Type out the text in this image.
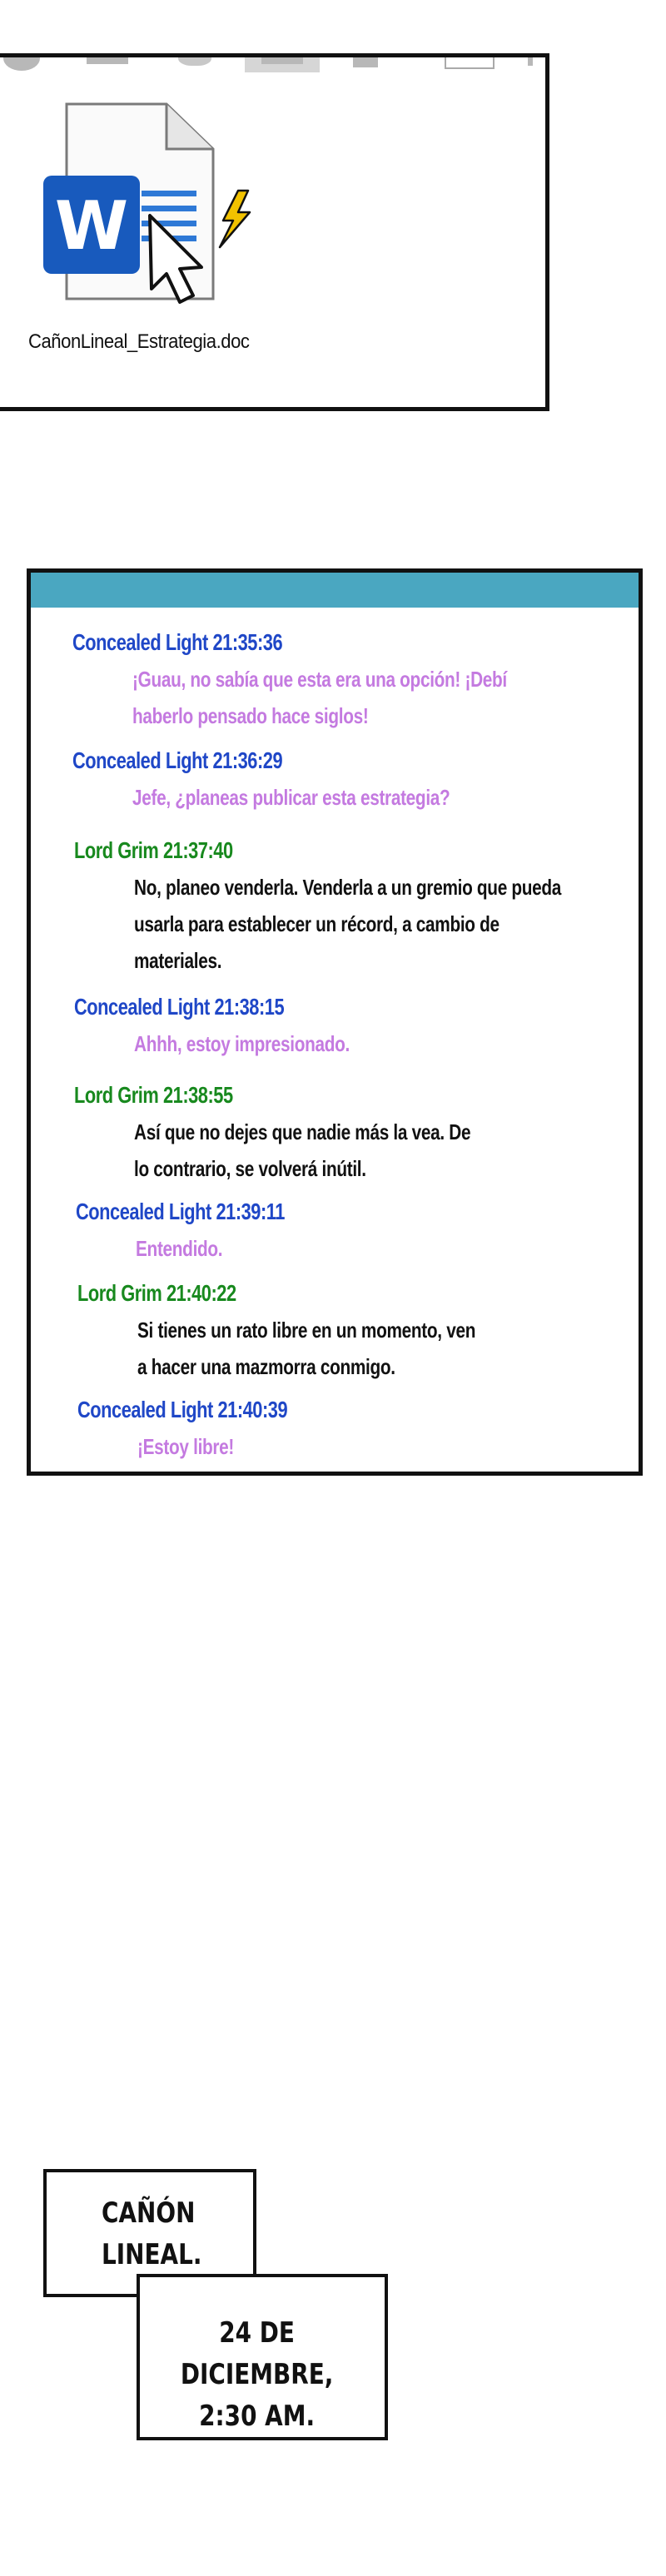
W
CañonLineal_Estrategia.doc
Concealed Light 21:35:36
¡Guau, no sabía que esta era una opción! ¡Debí
haberlo pensado hace siglos!
Concealed Light 21:36:29
Jefe, ¿planeas publicar esta estrategia?
Lord Grim 21:37:40
No, planeo venderla. Venderla a un gremio que pueda
usarla para establecer un récord, a cambio de
materiales.
Concealed Light 21:38:15
Ahhh, estoy impresionado.
Lord Grim 21:38:55
Así que no dejes que nadie más la vea. De
lo contrario, se volverá inútil.
Concealed Light 21:39:11
Entendido.
Lord Grim 21:40:22
Si tienes un rato libre en un momento, ven
a hacer una mazmorra conmigo.
Concealed Light 21:40:39
¡Estoy libre!
CAÑÓN
LINEAL.
24 DE DICIEMBRE,
2:30 AM.
